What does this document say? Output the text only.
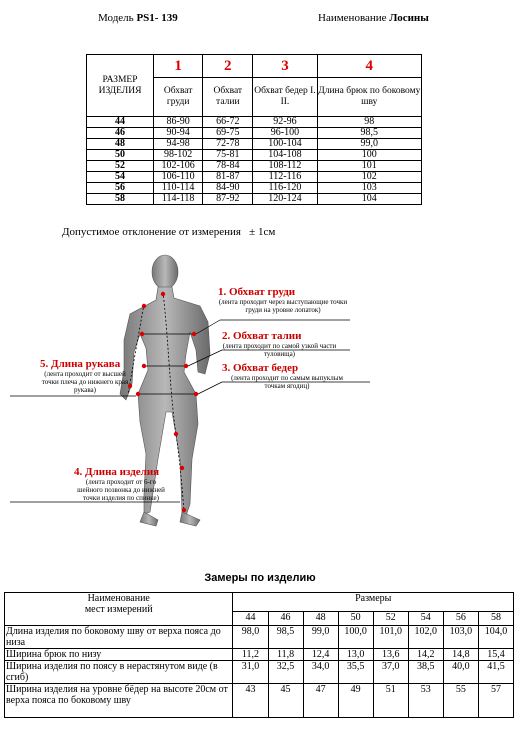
Модель PS1- 139	Наименование Лосины
РАЗМЕР ИЗДЕЛИЯ	1	2	3	4
	Обхват груди	Обхват талии	Обхват бедер I. II.	Длина брюк по боковому шву
44	86-90	66-72	92-96	98
46	90-94	69-75	96-100	98,5
48	94-98	72-78	100-104	99,0
50	98-102	75-81	104-108	100
52	102-106	78-84	108-112	101
54	106-110	81-87	112-116	102
56	110-114	84-90	116-120	103
58	114-118	87-92	120-124	104
Допустимое отклонение от измерения ± 1см
1. Обхват груди
(лента проходит через выступающие точки груди на уровне лопаток)
2. Обхват талии
(лента проходит по самой узкой части туловища)
3. Обхват бедер
(лента проходит по самым выпуклым точкам ягодиц)
5. Длина рукава
(лента проходит от высшей точки плеча до нижнего края рукава)
4. Длина изделия
(лента проходит от 6-го шейного позвонка до нижней точки изделия по спинке)
Замеры по изделию
Наименование
мест измерений	Размеры							
	44	46	48	50	52	54	56	58
Длина изделия по боковому шву от верха пояса до низа	98,0	98,5	99,0	100,0	101,0	102,0	103,0	104,0
Ширина брюк по низу	11,2	11,8	12,4	13,0	13,6	14,2	14,8	15,4
Ширина изделия по поясу в нерастянутом виде (в сгиб)	31,0	32,5	34,0	35,5	37,0	38,5	40,0	41,5
Ширина изделия на уровне бёдер на высоте 20см от верха пояса по боковому шву	43	45	47	49	51	53	55	57
